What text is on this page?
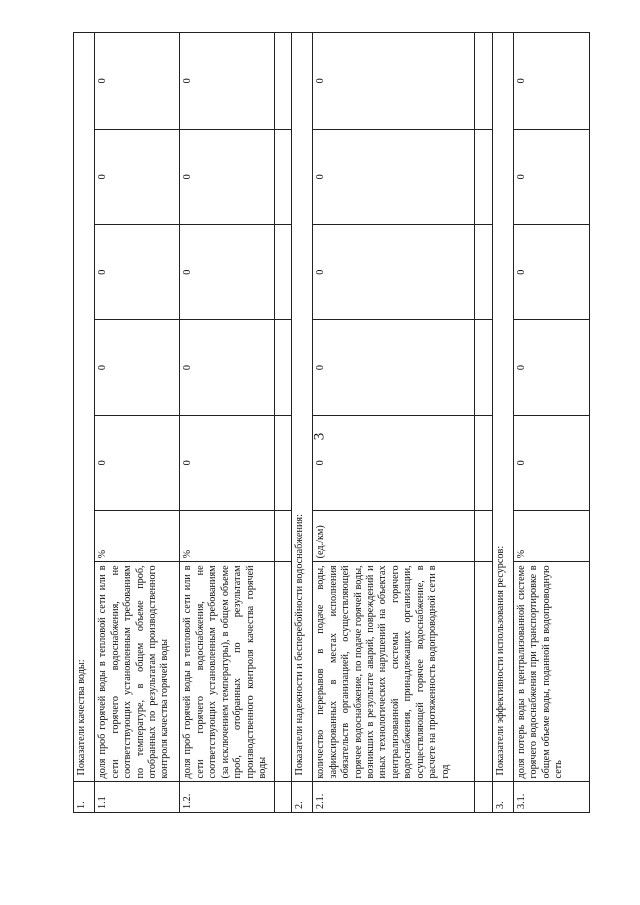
3
1.	Показатели качества воды:						
1.1	доля проб горячей воды в тепловой сети или в сети горячего водоснабжения, не соответствующих установленным требованиям по температуре, в общем объеме проб, отобранных по результатам производственного контроля качества горячей воды	%	0	0	0	0	0
1.2.	доля проб горячей воды в тепловой сети или в сети горячего водоснабжения, не соответствующих установленным требованиям (за исключением температуры), в общем объеме проб, отобранных по результатам производственного контроля качества горячей воды	%	0	0	0	0	0

2.	Показатели надежности и бесперебойности водоснабжения:						
2.1.	количество перерывов в подаче воды, зафиксированных в местах исполнения обязательств организацией, осуществляющей горячее водоснабжение, по подаче горячей воды, возникших в результате аварий, повреждений и иных технологических нарушений на объектах централизованной системы горячего водоснабжения, принадлежащих организации, осуществляющей горячее водоснабжение, в расчете на протяженность водопроводной сети в год	(ед./км)	0	0	0	0	0

3.	Показатели эффективности использования ресурсов:						
3.1.	доля потерь воды в централизованной системе горячего водоснабжения при транспортировке в общем объеме воды, поданной в водопроводную сеть	%	0	0	0	0	0
